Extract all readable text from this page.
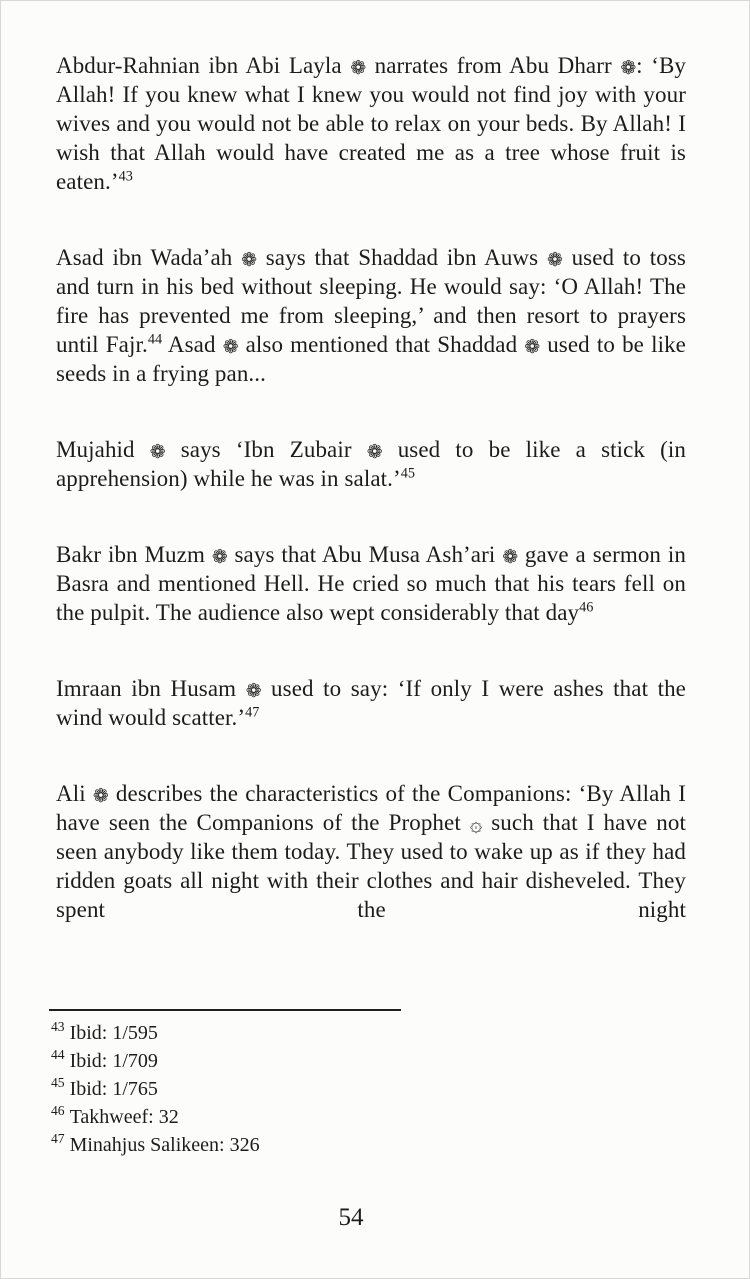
Abdur-Rahnian ibn Abi Layla ❁ narrates from Abu Dharr ❁: ‘By Allah! If you knew what I knew you would not find joy with your wives and you would not be able to relax on your beds. By Allah! I wish that Allah would have created me as a tree whose fruit is eaten.’$^{43}$

Asad ibn Wada’ah ❁ says that Shaddad ibn Auws ❁ used to toss and turn in his bed without sleeping. He would say: ‘O Allah! The fire has prevented me from sleeping,’ and then resort to prayers until Fajr.$^{44}$ Asad ❁ also mentioned that Shaddad ❁ used to be like seeds in a frying pan...

Mujahid ❁ says ‘Ibn Zubair ❁ used to be like a stick (in apprehension) while he was in salat.’$^{45}$

Bakr ibn Muzm ❁ says that Abu Musa Ash’ari ❁ gave a sermon in Basra and mentioned Hell. He cried so much that his tears fell on the pulpit. The audience also wept considerably that day$^{46}$

Imraan ibn Husam ❁ used to say: ‘If only I were ashes that the wind would scatter.’$^{47}$

Ali ❁ describes the characteristics of the Companions: ‘By Allah I have seen the Companions of the Prophet ۞ such that I have not seen anybody like them today. They used to wake up as if they had ridden goats all night with their clothes and hair disheveled. They spent the night

$^{43}$ Ibid: 1/595

$^{44}$ Ibid: 1/709

$^{45}$ Ibid: 1/765

$^{46}$ Takhweef: 32

$^{47}$ Minahjus Salikeen: 326

54
